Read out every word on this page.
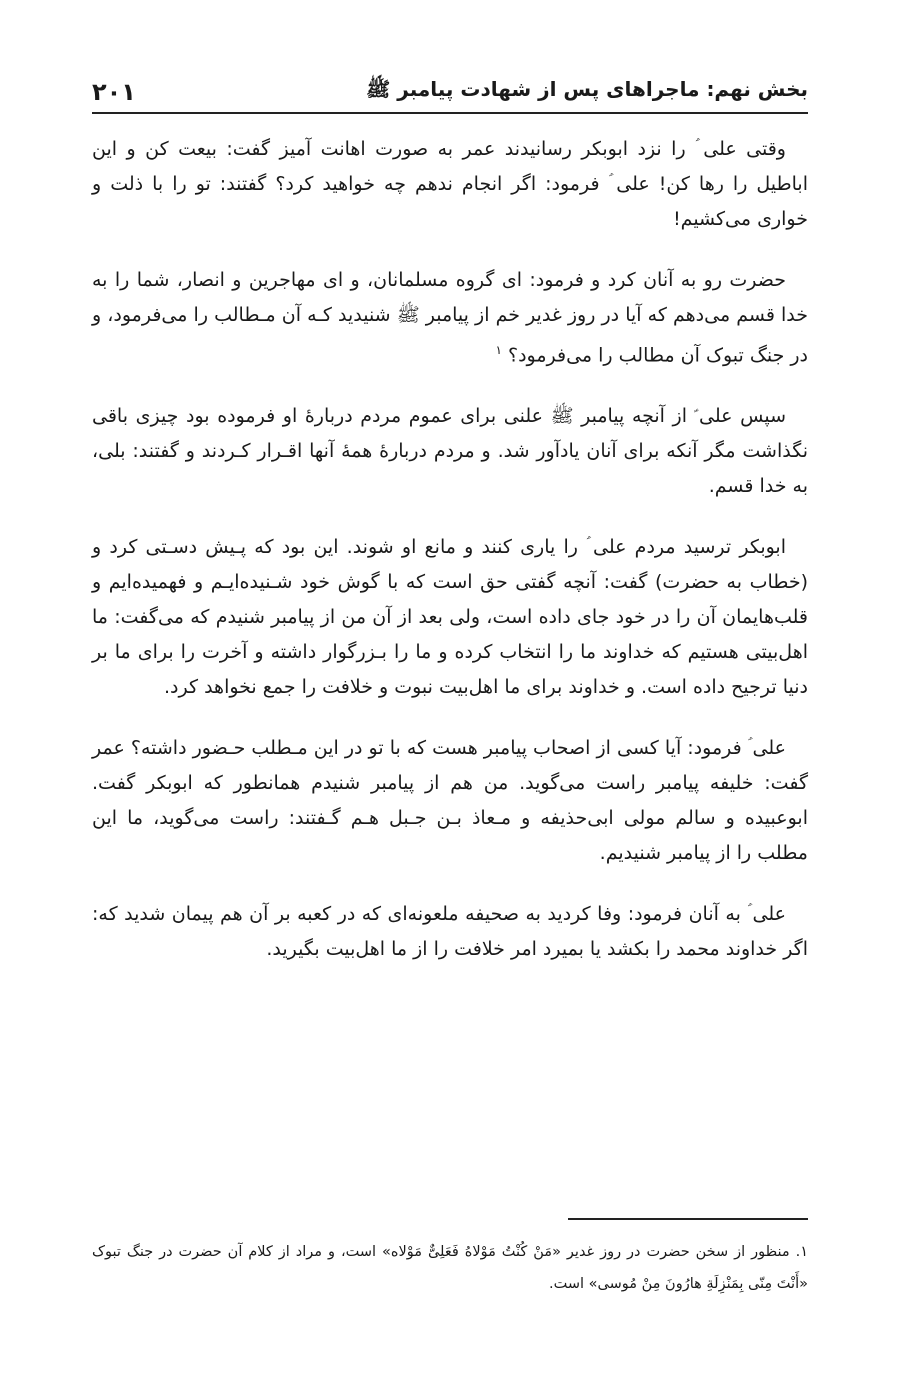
بخش نهم: ماجراهای پس از شهادت پیامبر ﷺ
۲۰۱

وقتی علی ؑ را نزد ابوبکر رسانیدند عمر به صورت اهانت آمیز گفت: بیعت کن و این اباطیل را رها کن! علی ؑ فرمود: اگر انجام ندهم چه خواهید کرد؟ گفتند: تو را با ذلت و خواری می‌کشیم!

حضرت رو به آنان کرد و فرمود: ای گروه مسلمانان، و ای مهاجرین و انصار، شما را به خدا قسم می‌دهم که آیا در روز غدیر خم از پیامبر ﷺ شنیدید کـه آن مـطالب را می‌فرمود، و در جنگ تبوک آن مطالب را می‌فرمود؟ $^۱$

سپس علی ؑ از آنچه پیامبر ﷺ علنی برای عموم مردم دربارهٔ او فرموده بود چیزی باقی نگذاشت مگر آنکه برای آنان یادآور شد. و مردم دربارهٔ همهٔ آنها اقـرار کـردند و گفتند: بلی، به خدا قسم.

ابوبکر ترسید مردم علی ؑ را یاری کنند و مانع او شوند. این بود که پـیش دسـتی کرد و (خطاب به حضرت) گفت: آنچه گفتی حق است که با گوش خود شـنیده‌ایـم و فهمیده‌ایم و قلب‌هایمان آن را در خود جای داده است، ولی بعد از آن من از پیامبر شنیدم که می‌گفت: ما اهل‌بیتی هستیم که خداوند ما را انتخاب کرده و ما را بـزرگوار داشته و آخرت را برای ما بر دنیا ترجیح داده است. و خداوند برای ما اهل‌بیت نبوت و خلافت را جمع نخواهد کرد.

علی ؑ فرمود: آیا کسی از اصحاب پیامبر هست که با تو در این مـطلب حـضور داشته؟ عمر گفت: خلیفه پیامبر راست می‌گوید. من هم از پیامبر شنیدم همانطور که ابوبکر گفت. ابوعبیده و سالم مولی ابی‌حذیفه و مـعاذ بـن جـبل هـم گـفتند: راست می‌گوید، ما این مطلب را از پیامبر شنیدیم.

علی ؑ به آنان فرمود: وفا کردید به صحیفه ملعونه‌ای که در کعبه بر آن هم پیمان شدید که: اگر خداوند محمد را بکشد یا بمیرد امر خلافت را از ما اهل‌بیت بگیرید.

۱. منظور از سخن حضرت در روز غدیر «مَنْ کُنْتُ مَوْلاهُ فَعَلِیٌّ مَوْلاه» است، و مراد از کلام آن حضرت در جنگ تبوک «أَنْتَ مِنّی بِمَنْزِلَةِ هارُونَ مِنْ مُوسی» است.
